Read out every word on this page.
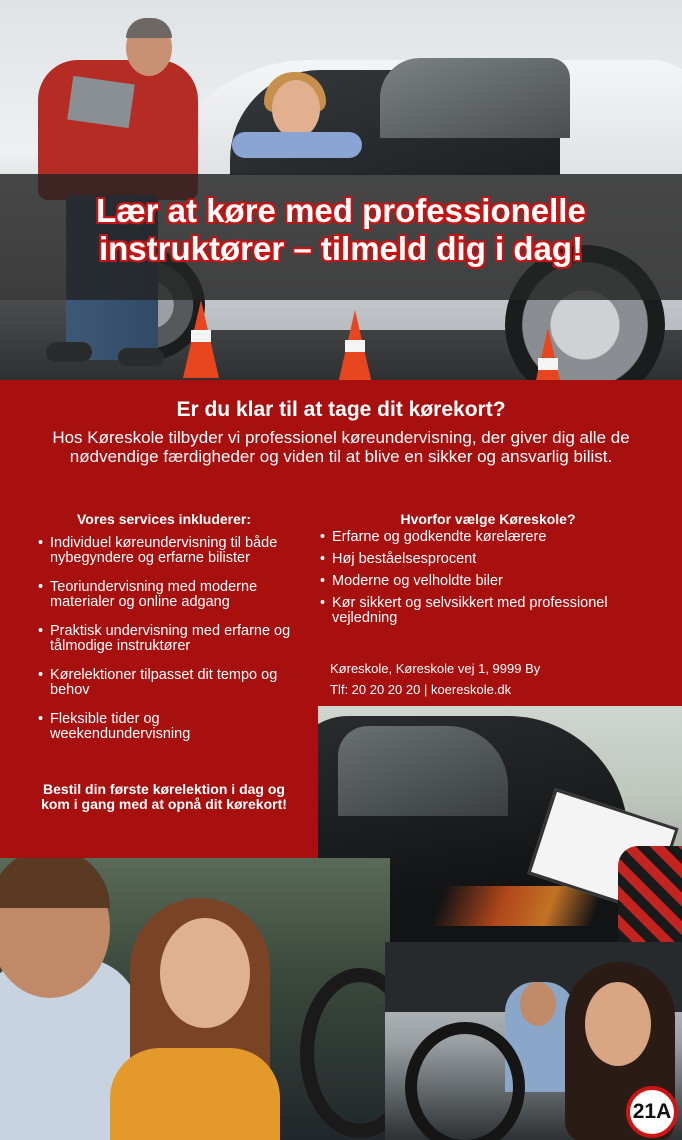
Lær at køre med professionelle
instruktører – tilmeld dig i dag!
Er du klar til at tage dit kørekort?
Hos Køreskole tilbyder vi professionel køreundervisning, der giver dig alle de nødvendige færdigheder og viden til at blive en sikker og ansvarlig bilist.
Vores services inkluderer:
• Individuel køreundervisning til både nybegyndere og erfarne bilister
• Teoriundervisning med moderne materialer og online adgang
• Praktisk undervisning med erfarne og tålmodige instruktører
• Kørelektioner tilpasset dit tempo og behov
• Fleksible tider og weekendundervisning
Bestil din første kørelektion i dag og kom i gang med at opnå dit kørekort!
Hvorfor vælge Køreskole?
• Erfarne og godkendte kørelærere
• Høj beståelsesprocent
• Moderne og velholdte biler
• Kør sikkert og selvsikkert med professionel vejledning
Køreskole, Køreskole vej 1, 9999 By
Tlf: 20 20 20 20 | koereskole.dk
21A
